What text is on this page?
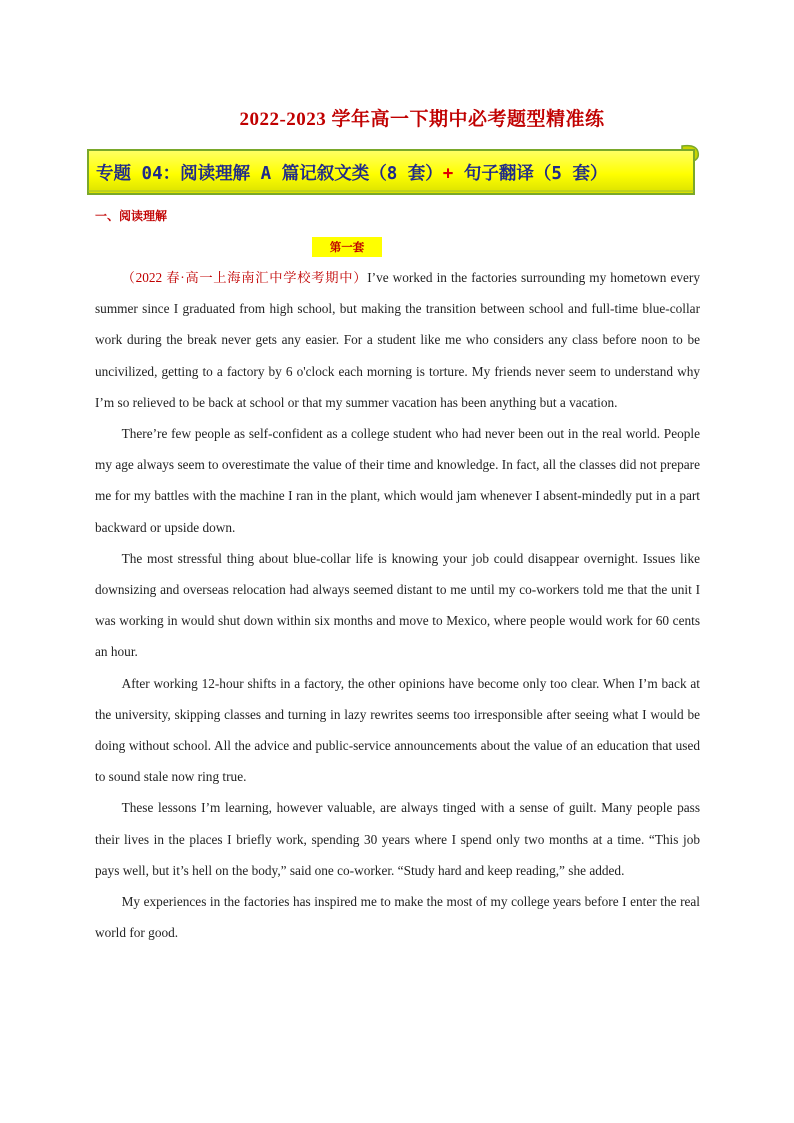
2022-2023 学年高一下期中必考题型精准练
专题 04：阅读理解 A 篇记叙文类（8 套）+ 句子翻译（5 套）
一、阅读理解
第一套

（2022 春·高一上海南汇中学校考期中）I’ve worked in the factories surrounding my hometown every summer since I graduated from high school, but making the transition between school and full-time blue-collar work during the break never gets any easier. For a student like me who considers any class before noon to be uncivilized, getting to a factory by 6 o'clock each morning is torture. My friends never seem to understand why I’m so relieved to be back at school or that my summer vacation has been anything but a vacation.

There’re few people as self-confident as a college student who had never been out in the real world. People my age always seem to overestimate the value of their time and knowledge. In fact, all the classes did not prepare me for my battles with the machine I ran in the plant, which would jam whenever I absent-mindedly put in a part backward or upside down.

The most stressful thing about blue-collar life is knowing your job could disappear overnight. Issues like downsizing and overseas relocation had always seemed distant to me until my co-workers told me that the unit I was working in would shut down within six months and move to Mexico, where people would work for 60 cents an hour.

After working 12-hour shifts in a factory, the other opinions have become only too clear. When I’m back at the university, skipping classes and turning in lazy rewrites seems too irresponsible after seeing what I would be doing without school. All the advice and public-service announcements about the value of an education that used to sound stale now ring true.

These lessons I’m learning, however valuable, are always tinged with a sense of guilt. Many people pass their lives in the places I briefly work, spending 30 years where I spend only two months at a time. “This job pays well, but it’s hell on the body,” said one co-worker. “Study hard and keep reading,” she added.

My experiences in the factories has inspired me to make the most of my college years before I enter the real world for good.
